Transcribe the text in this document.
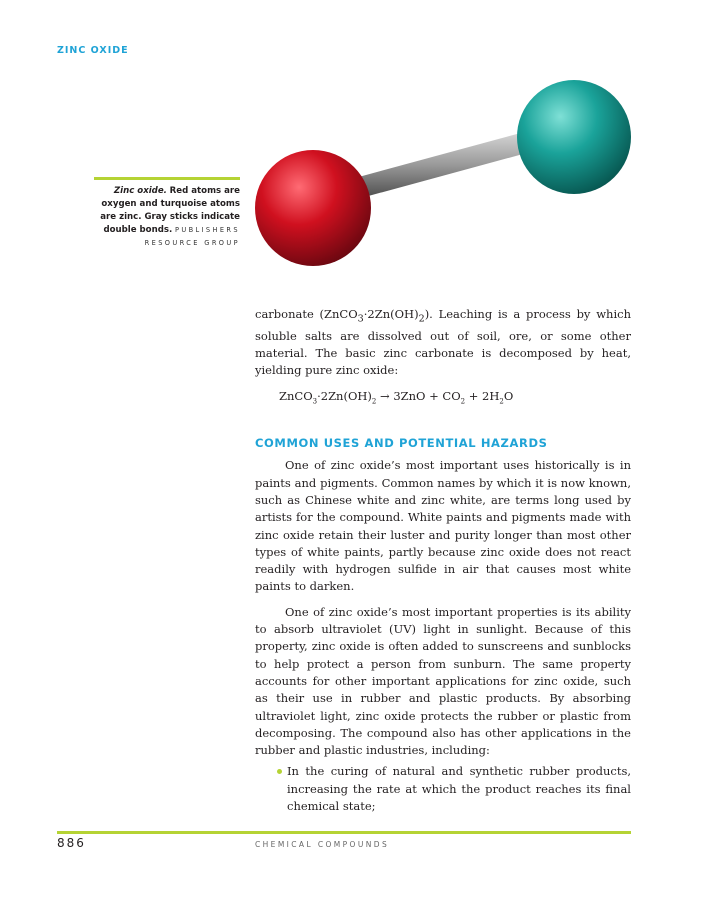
ZINC OXIDE
Zinc oxide. Red atoms are oxygen and turquoise atoms are zinc. Gray sticks indicate double bonds. PUBLISHERS RESOURCE GROUP

carbonate $(ZnCO_3\cdot 2Zn(OH)_2)$. Leaching is a process by which soluble salts are dissolved out of soil, ore, or some other material. The basic zinc carbonate is decomposed by heat, yielding pure zinc oxide:

$ZnCO_3\cdot 2Zn(OH)_2 \to 3ZnO + CO_2 + 2H_2O$
COMMON USES AND POTENTIAL HAZARDS

One of zinc oxide’s most important uses historically is in paints and pigments. Common names by which it is now known, such as Chinese white and zinc white, are terms long used by artists for the compound. White paints and pigments made with zinc oxide retain their luster and purity longer than most other types of white paints, partly because zinc oxide does not react readily with hydrogen sulfide in air that causes most white paints to darken.

One of zinc oxide’s most important properties is its ability to absorb ultraviolet (UV) light in sunlight. Because of this property, zinc oxide is often added to sunscreens and sunblocks to help protect a person from sunburn. The same property accounts for other important applications for zinc oxide, such as their use in rubber and plastic products. By absorbing ultraviolet light, zinc oxide protects the rubber or plastic from decomposing. The compound also has other applications in the rubber and plastic industries, including:

In the curing of natural and synthetic rubber products, increasing the rate at which the product reaches its final chemical state;
886	CHEMICAL COMPOUNDS
